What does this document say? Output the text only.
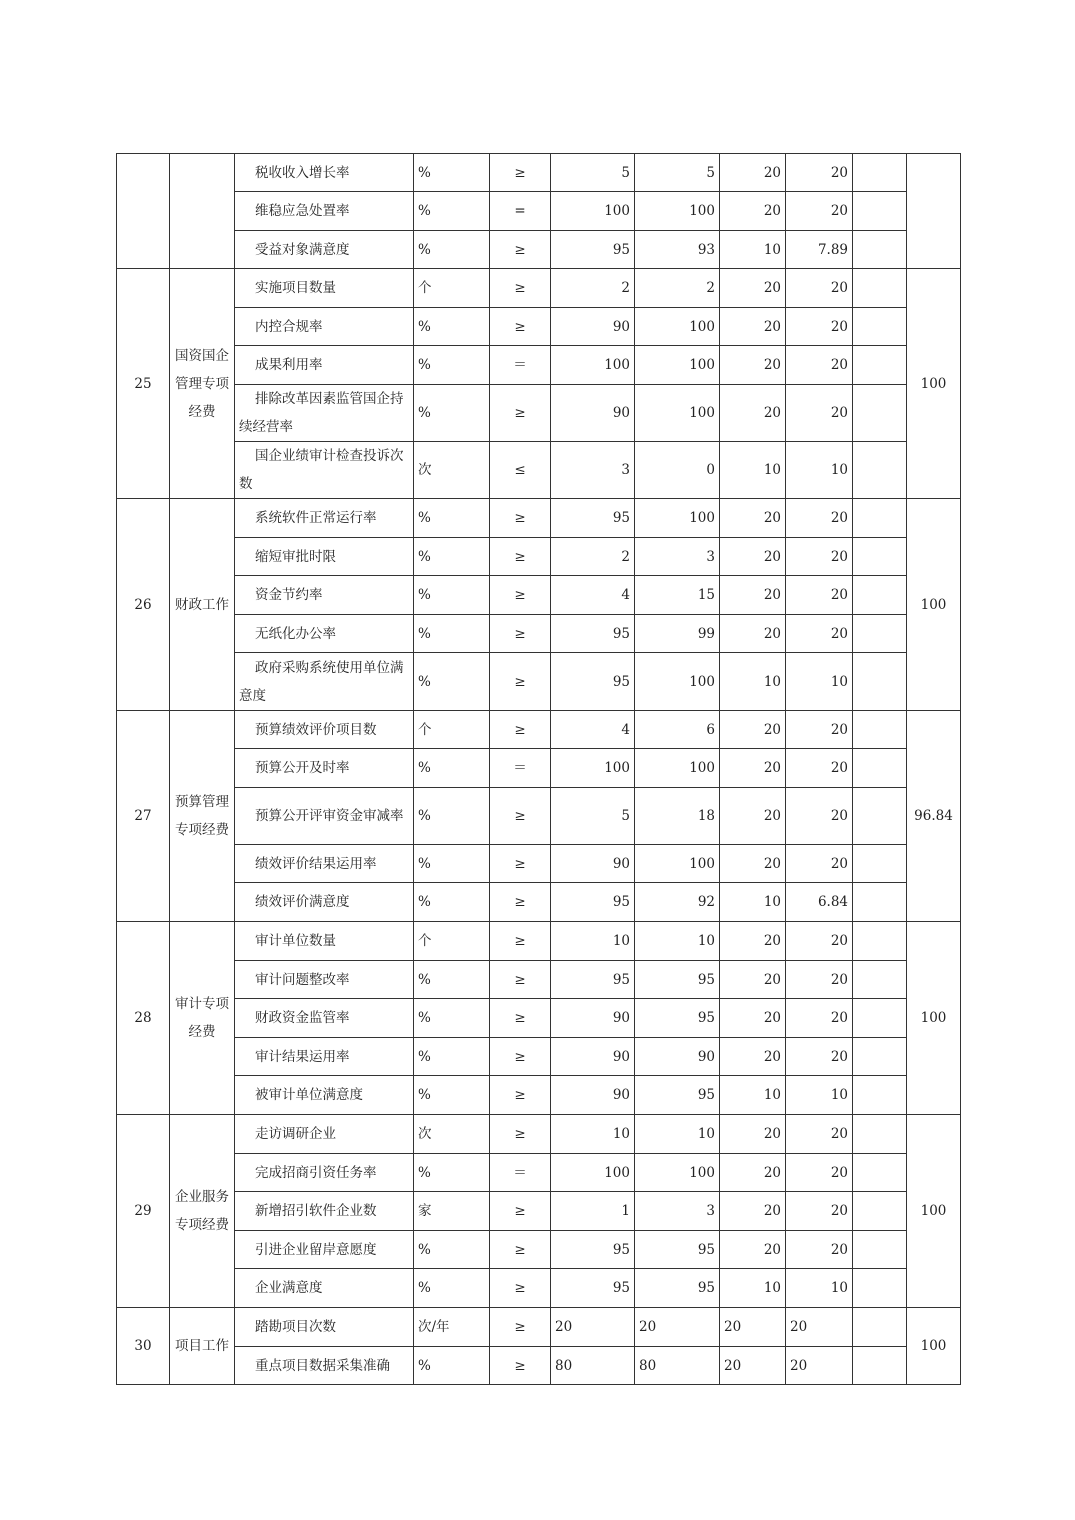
		税收收入增长率	%	≥	5	5	20	20		

		维稳应急处置率	%	=	100	100	20	20		

		受益对象满意度	%	≥	95	93	10	7.89		
25	国资国企管理专项经费	实施项目数量	个	≥	2	2	20	20		100

		内控合规率	%	≥	90	100	20	20		

		成果利用率	%	＝	100	100	20	20		

		排除改革因素监管国企持续经营率	%	≥	90	100	20	20		

		国企业绩审计检查投诉次数	次	≤	3	0	10	10		
26	财政工作	系统软件正常运行率	%	≥	95	100	20	20		100

		缩短审批时限	%	≥	2	3	20	20		

		资金节约率	%	≥	4	15	20	20		

		无纸化办公率	%	≥	95	99	20	20		

		政府采购系统使用单位满意度	%	≥	95	100	10	10		
27	预算管理专项经费	预算绩效评价项目数	个	≥	4	6	20	20		96.84

		预算公开及时率	%	＝	100	100	20	20		

		预算公开评审资金审减率	%	≥	5	18	20	20		

		绩效评价结果运用率	%	≥	90	100	20	20		

		绩效评价满意度	%	≥	95	92	10	6.84		
28	审计专项经费	审计单位数量	个	≥	10	10	20	20		100

		审计问题整改率	%	≥	95	95	20	20		

		财政资金监管率	%	≥	90	95	20	20		

		审计结果运用率	%	≥	90	90	20	20		

		被审计单位满意度	%	≥	90	95	10	10		
29	企业服务专项经费	走访调研企业	次	≥	10	10	20	20		100

		完成招商引资任务率	%	＝	100	100	20	20		

		新增招引软件企业数	家	≥	1	3	20	20		

		引进企业留岸意愿度	%	≥	95	95	20	20		

		企业满意度	%	≥	95	95	10	10		
30	项目工作	踏勘项目次数	次/年	≥	20	20	20	20		100

		重点项目数据采集准确	%	≥	80	80	20	20		
